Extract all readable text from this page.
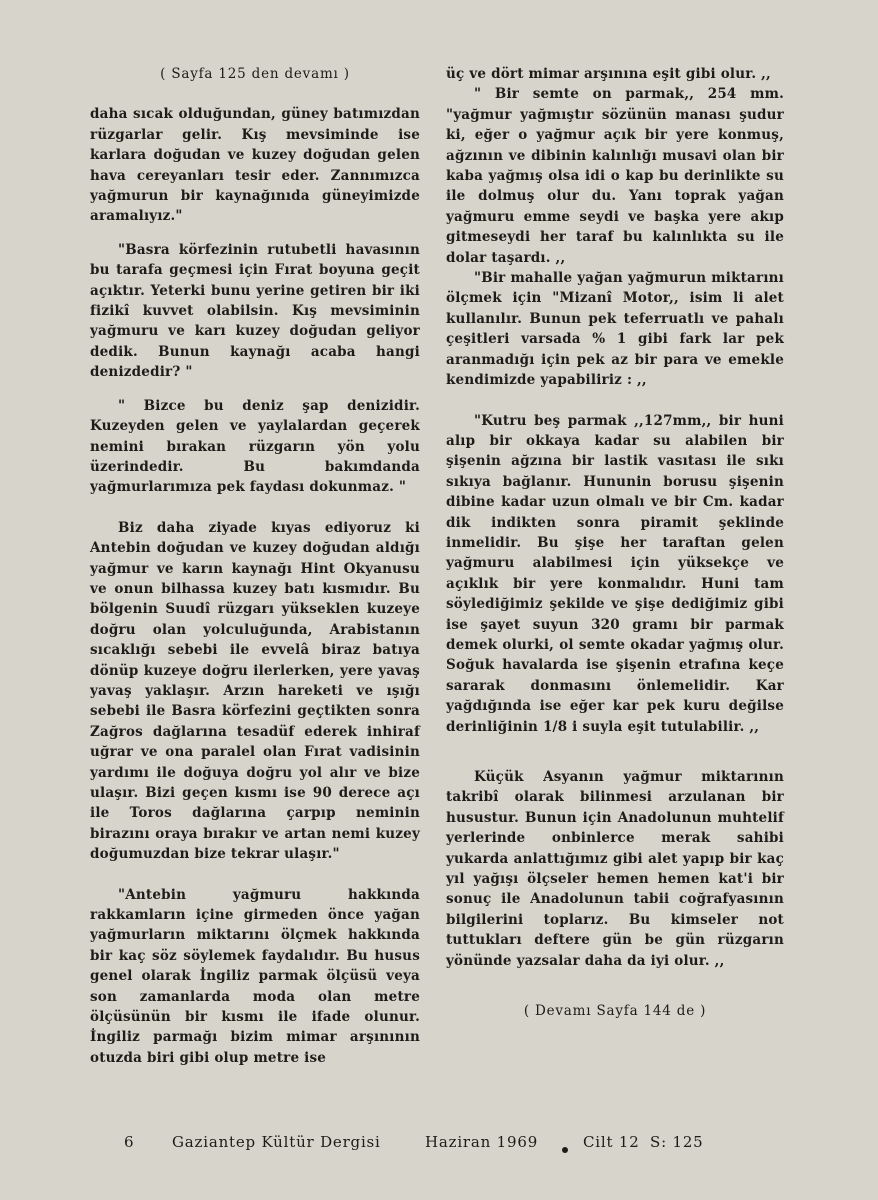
( Sayfa 125 den devamı )

daha sıcak olduğundan, güney batımızdan rüzgarlar gelir. Kış mevsiminde ise karlara doğudan ve kuzey doğudan gelen hava cereyanları tesir eder. Zannımızca yağmurun bir kaynağınıda güneyimizde aramalıyız."

"Basra körfezinin rutubetli havasının bu tarafa geçmesi için Fırat boyuna geçit açıktır. Yeterki bunu yerine getiren bir iki fizikî kuvvet olabilsin. Kış mevsiminin yağmuru ve karı kuzey doğudan geliyor dedik. Bunun kaynağı acaba hangi denizdedir? "

" Bizce bu deniz şap denizidir. Kuzeyden gelen ve yaylalardan geçerek nemini bırakan rüzgarın yön yolu üzerindedir. Bu bakımdanda yağmurlarımıza pek faydası dokunmaz. "

Biz daha ziyade kıyas ediyoruz ki Antebin doğudan ve kuzey doğudan aldığı yağmur ve karın kaynağı Hint Okyanusu ve onun bilhassa kuzey batı kısmıdır. Bu bölgenin Suudî rüzgarı yükseklen kuzeye doğru olan yolculuğunda, Arabistanın sıcaklığı sebebi ile evvelâ biraz batıya dönüp kuzeye doğru ilerlerken, yere yavaş yavaş yaklaşır. Arzın hareketi ve ışığı sebebi ile Basra körfezini geçtikten sonra Zağros dağlarına tesadüf ederek inhiraf uğrar ve ona paralel olan Fırat vadisinin yardımı ile doğuya doğru yol alır ve bize ulaşır. Bizi geçen kısmı ise 90 derece açı ile Toros dağlarına çarpıp neminin birazını oraya bırakır ve artan nemi kuzey doğumuzdan bize tekrar ulaşır."

"Antebin yağmuru hakkında rakkamların içine girmeden önce yağan yağmurların miktarını ölçmek hakkında bir kaç söz söylemek faydalıdır. Bu husus genel olarak İngiliz parmak ölçüsü veya son zamanlarda moda olan metre ölçüsünün bir kısmı ile ifade olunur. İngiliz parmağı bizim mimar arşınının otuzda biri gibi olup metre ise

üç ve dört mimar arşınına eşit gibi olur. ,,

" Bir semte on parmak,, 254 mm. "yağmur yağmıştır sözünün manası şudur ki, eğer o yağmur açık bir yere konmuş, ağzının ve dibinin kalınlığı musavi olan bir kaba yağmış olsa idi o kap bu derinlikte su ile dolmuş olur du. Yanı toprak yağan yağmuru emme seydi ve başka yere akıp gitmeseydi her taraf bu kalınlıkta su ile dolar taşardı. ,,

"Bir mahalle yağan yağmurun miktarını ölçmek için "Mizanî Motor,, isim li alet kullanılır. Bunun pek teferruatlı ve pahalı çeşitleri varsada % 1 gibi fark lar pek aranmadığı için pek az bir para ve emekle kendimizde yapabiliriz : ,,

"Kutru beş parmak ,,127mm,, bir huni alıp bir okkaya kadar su alabilen bir şişenin ağzına bir lastik vasıtası ile sıkı sıkıya bağlanır. Hununin borusu şişenin dibine kadar uzun olmalı ve bir Cm. kadar dik indikten sonra piramit şeklinde inmelidir. Bu şişe her taraftan gelen yağmuru alabilmesi için yüksekçe ve açıklık bir yere konmalıdır. Huni tam söylediğimiz şekilde ve şişe dediğimiz gibi ise şayet suyun 320 gramı bir parmak demek olurki, ol semte okadar yağmış olur. Soğuk havalarda ise şişenin etrafına keçe sararak donmasını önlemelidir. Kar yağdığında ise eğer kar pek kuru değilse derinliğinin 1/8 i suyla eşit tutulabilir. ,,

Küçük Asyanın yağmur miktarının takribî olarak bilinmesi arzulanan bir husustur. Bunun için Anadolunun muhtelif yerlerinde onbinlerce merak sahibi yukarda anlattığımız gibi alet yapıp bir kaç yıl yağışı ölçseler hemen hemen kat'i bir sonuç ile Anadolunun tabii coğrafyasının bilgilerini toplarız. Bu kimseler not tuttukları deftere gün be gün rüzgarın yönünde yazsalar daha da iyi olur. ,,

( Devamı Sayfa 144 de )
6	Gaziantep Kültür Dergisi	Haziran 1969	Cilt 12 S: 125
